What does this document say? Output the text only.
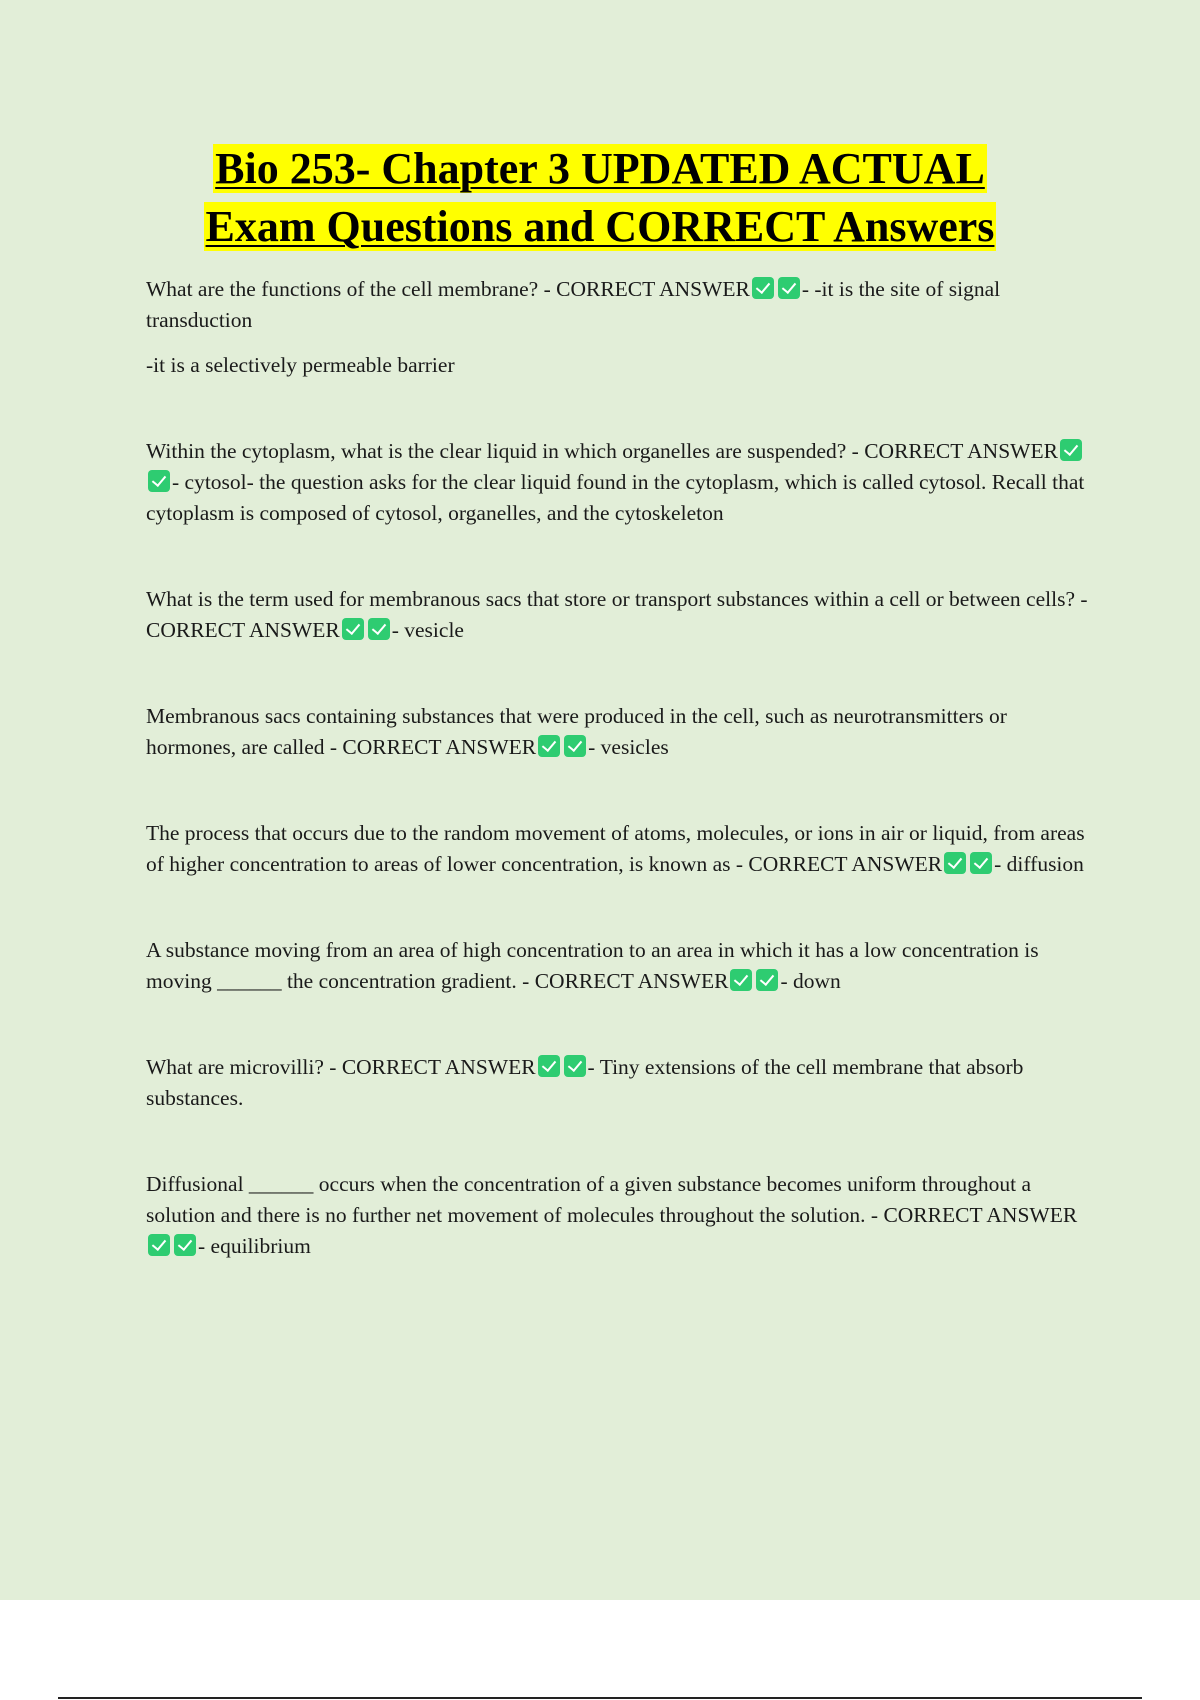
Bio 253- Chapter 3 UPDATED ACTUAL
Exam Questions and CORRECT Answers

What are the functions of the cell membrane? - CORRECT ANSWER - -it is the site of signal transduction

-it is a selectively permeable barrier

Within the cytoplasm, what is the clear liquid in which organelles are suspended? - CORRECT ANSWER- cytosol- the question asks for the clear liquid found in the cytoplasm, which is called cytosol. Recall that cytoplasm is composed of cytosol, organelles, and the cytoskeleton

What is the term used for membranous sacs that store or transport substances within a cell or between cells? - CORRECT ANSWER - vesicle

Membranous sacs containing substances that were produced in the cell, such as neurotransmitters or hormones, are called - CORRECT ANSWER - vesicles

The process that occurs due to the random movement of atoms, molecules, or ions in air or liquid, from areas of higher concentration to areas of lower concentration, is known as - CORRECT ANSWER - diffusion

A substance moving from an area of high concentration to an area in which it has a low concentration is moving ______ the concentration gradient. - CORRECT ANSWER - down

What are microvilli? - CORRECT ANSWER - Tiny extensions of the cell membrane that absorb substances.

Diffusional ______ occurs when the concentration of a given substance becomes uniform throughout a solution and there is no further net movement of molecules throughout the solution. - CORRECT ANSWER- equilibrium
